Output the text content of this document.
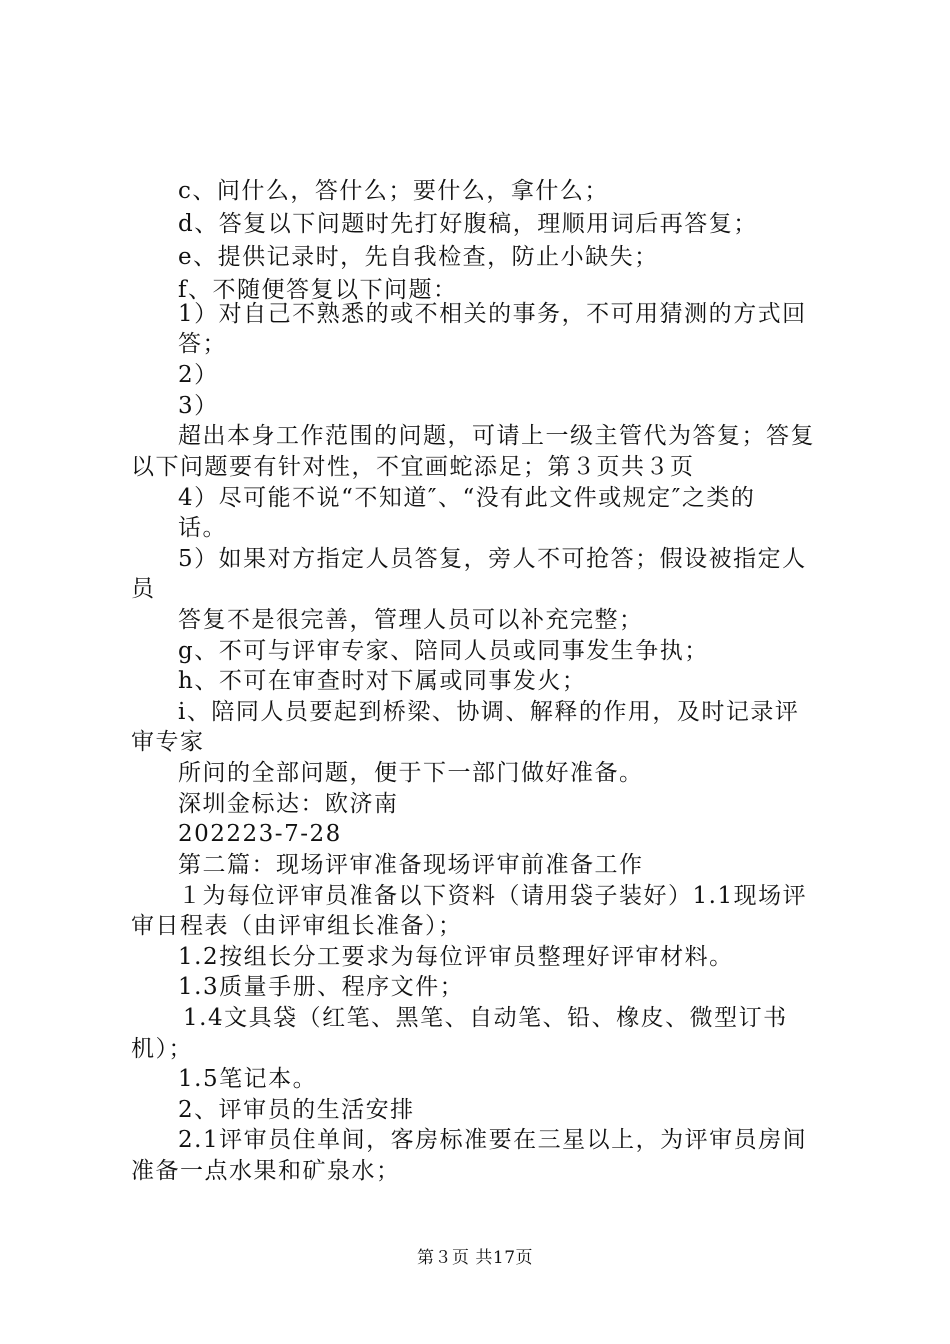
c、问什么，答什么；要什么，拿什么；
d、答复以下问题时先打好腹稿，理顺用词后再答复；
e、提供记录时，先自我检查，防止小缺失；
f、不随便答复以下问题：
1）对自己不熟悉的或不相关的事务，不可用猜测的方式回
答；
2）
3）
超出本身工作范围的问题，可请上一级主管代为答复；答复
以下问题要有针对性，不宜画蛇添足；第３页共３页
4）尽可能不说“不知道″、“没有此文件或规定″之类的
话。
5）如果对方指定人员答复，旁人不可抢答；假设被指定人
员
答复不是很完善，管理人员可以补充完整；
g、不可与评审专家、陪同人员或同事发生争执；
h、不可在审查时对下属或同事发火；
i、陪同人员要起到桥梁、协调、解释的作用，及时记录评
审专家
所问的全部问题，便于下一部门做好准备。
深圳金标达：欧济南
202223-7-28
第二篇：现场评审准备现场评审前准备工作
１为每位评审员准备以下资料（请用袋子装好）1.1现场评
审日程表（由评审组长准备）；
1.2按组长分工要求为每位评审员整理好评审材料。
1.3质量手册、程序文件；
1.4文具袋（红笔、黑笔、自动笔、铅、橡皮、微型订书
机）；
1.5笔记本。
2、评审员的生活安排
2.1评审员住单间，客房标准要在三星以上，为评审员房间
准备一点水果和矿泉水；
第３页 共17页
